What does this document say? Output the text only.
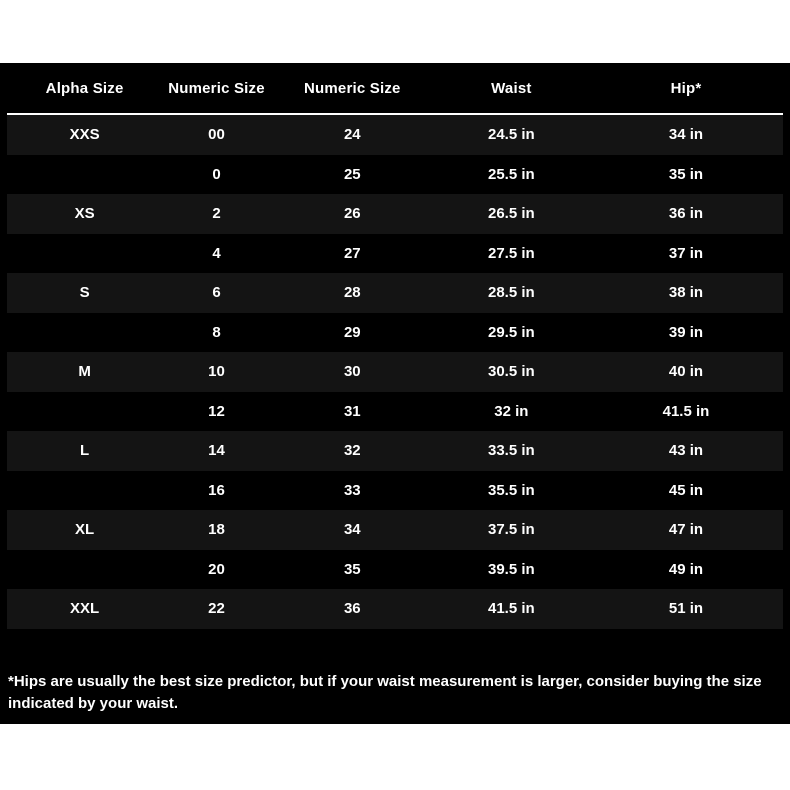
Alpha Size	Numeric Size	Numeric Size	Waist	Hip*
XXS	00	24	24.5 in	34 in
	0	25	25.5 in	35 in
XS	2	26	26.5 in	36 in
	4	27	27.5 in	37 in
S	6	28	28.5 in	38 in
	8	29	29.5 in	39 in
M	10	30	30.5 in	40 in
	12	31	32 in	41.5 in
L	14	32	33.5 in	43 in
	16	33	35.5 in	45 in
XL	18	34	37.5 in	47 in
	20	35	39.5 in	49 in
XXL	22	36	41.5 in	51 in

*Hips are usually the best size predictor, but if your waist measurement is larger, consider buying the size indicated by your waist.
